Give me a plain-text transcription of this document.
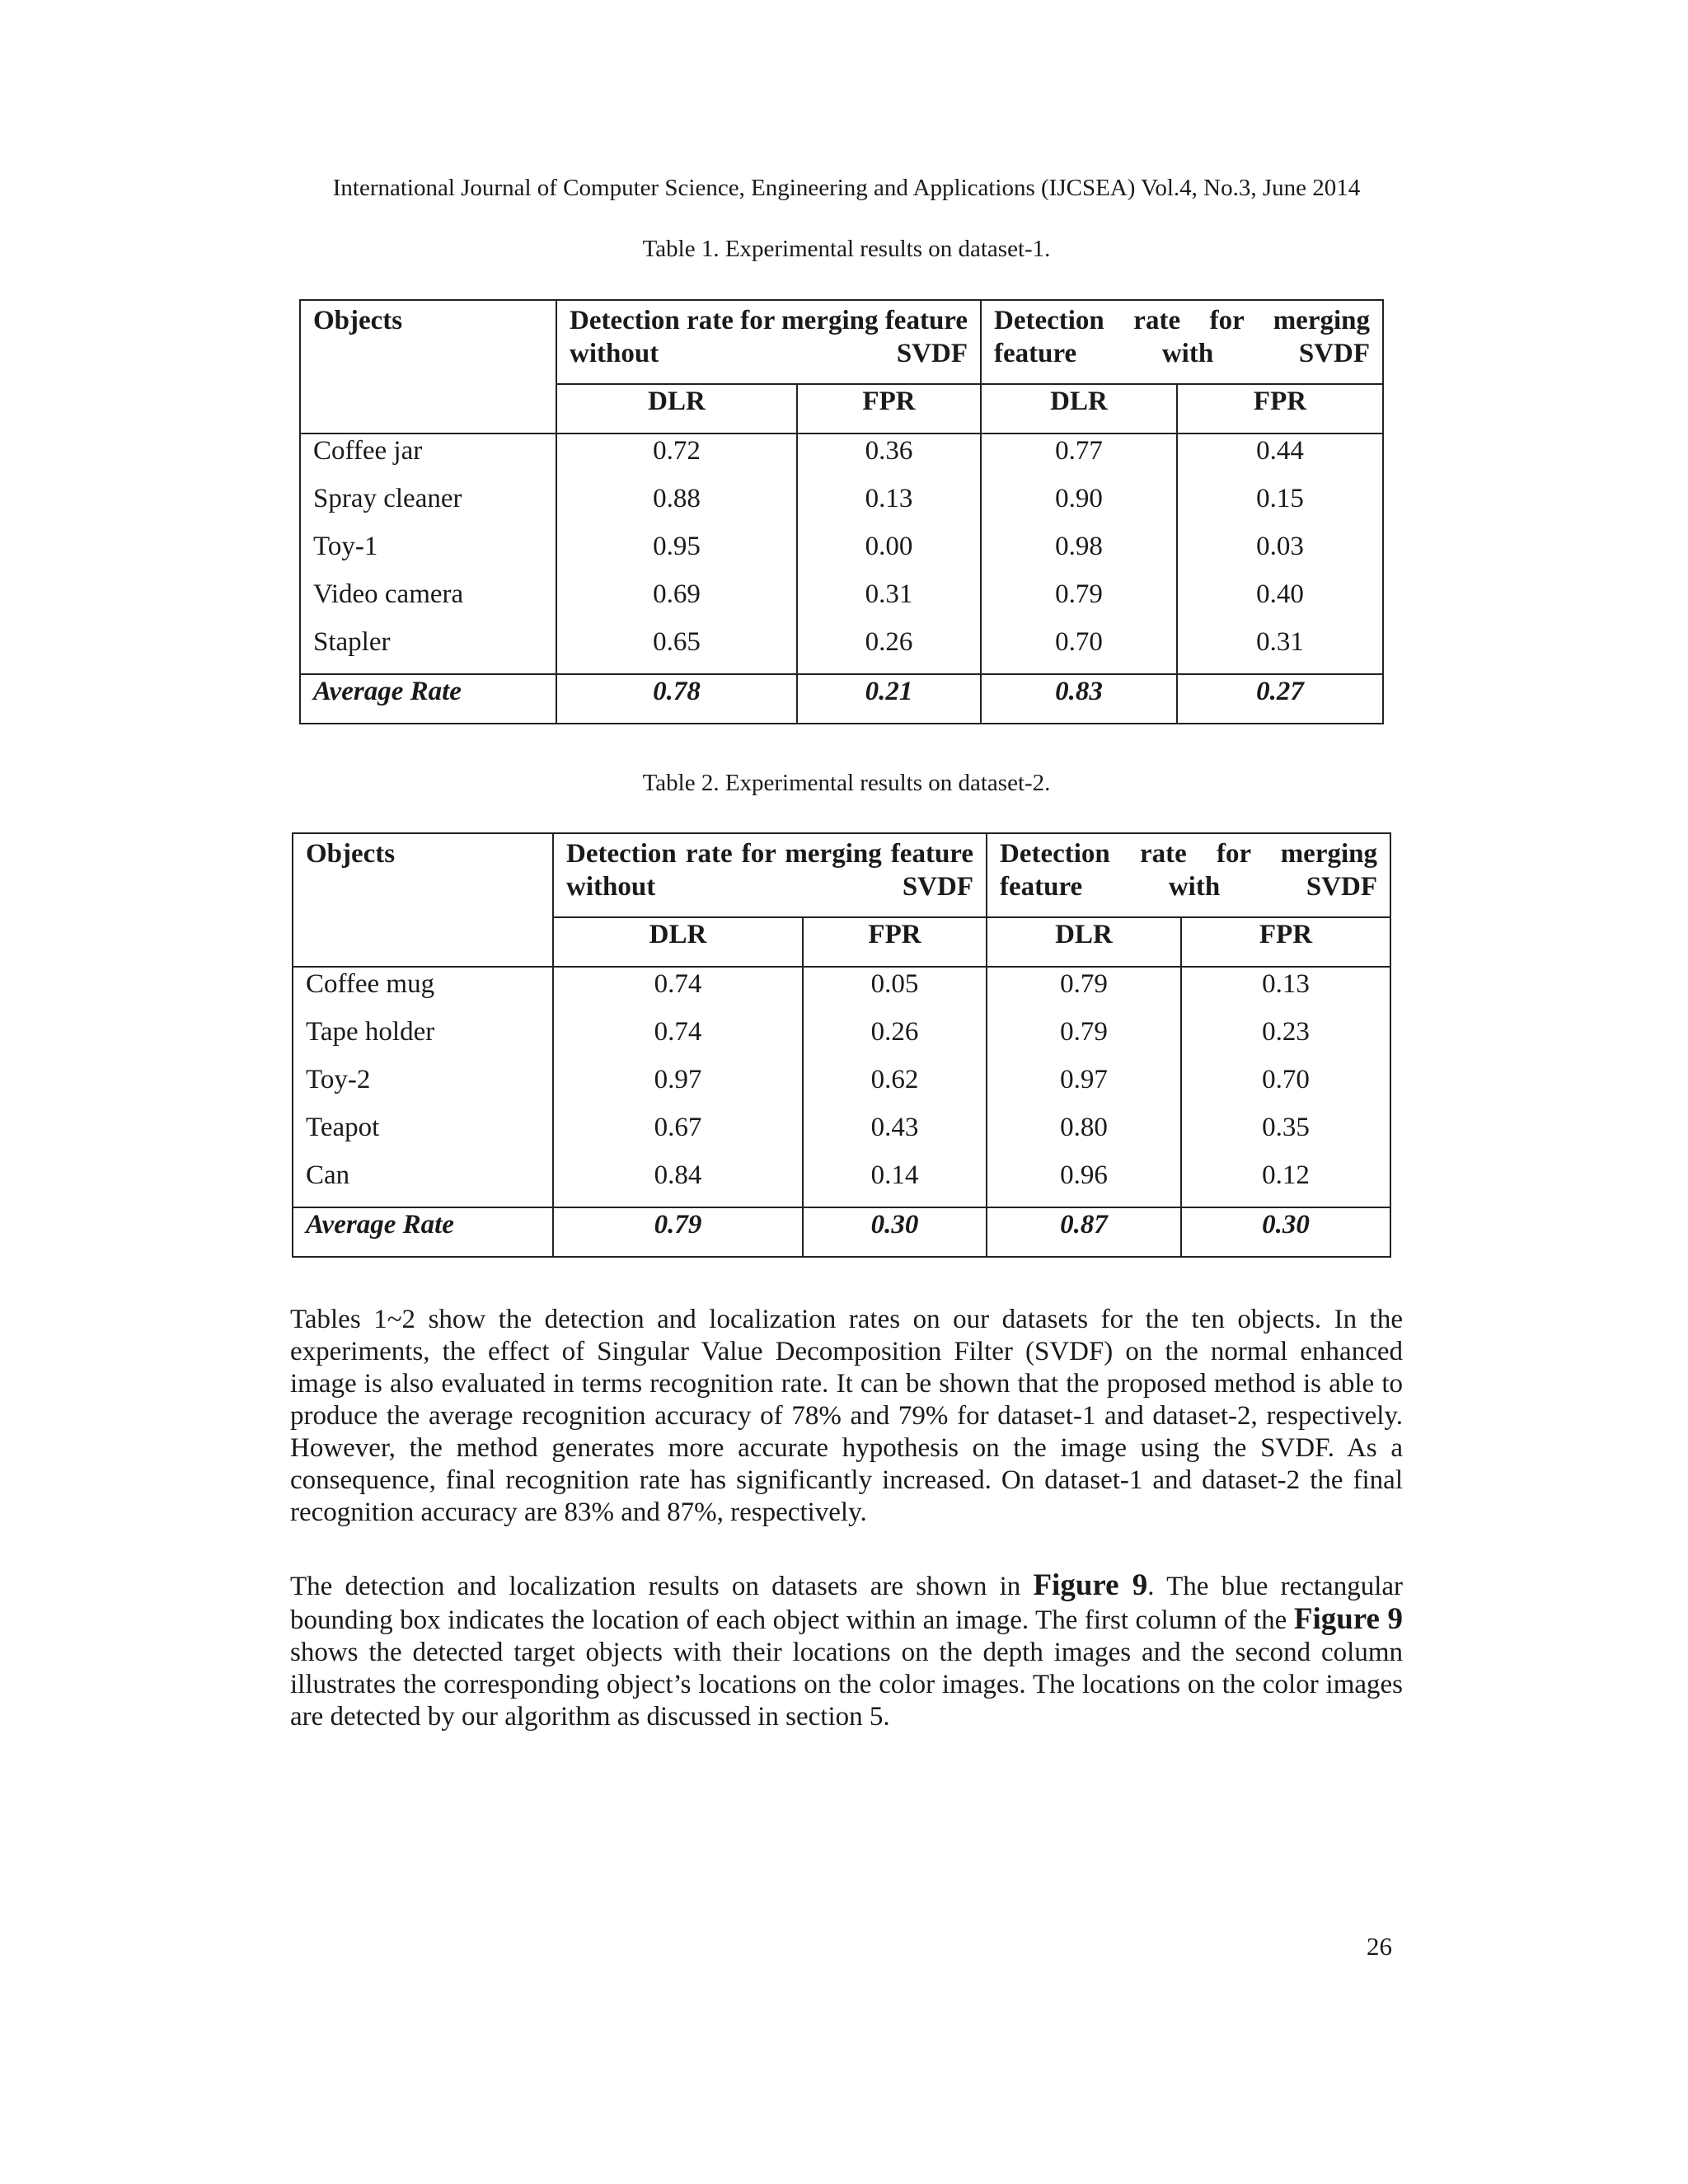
International Journal of Computer Science, Engineering and Applications (IJCSEA) Vol.4, No.3, June 2014
Table 1. Experimental results on dataset-1.
Objects	Detection rate for merging feature without SVDF		Detection rate for merging feature with SVDF	

	DLR	FPR	DLR	FPR
Coffee jar	0.72	0.36	0.77	0.44
Spray cleaner	0.88	0.13	0.90	0.15
Toy-1	0.95	0.00	0.98	0.03
Video camera	0.69	0.31	0.79	0.40
Stapler	0.65	0.26	0.70	0.31
Average Rate	0.78	0.21	0.83	0.27
Table 2. Experimental results on dataset-2.
Objects	Detection rate for merging feature without SVDF		Detection rate for merging feature with SVDF	

	DLR	FPR	DLR	FPR
Coffee mug	0.74	0.05	0.79	0.13
Tape holder	0.74	0.26	0.79	0.23
Toy-2	0.97	0.62	0.97	0.70
Teapot	0.67	0.43	0.80	0.35
Can	0.84	0.14	0.96	0.12
Average Rate	0.79	0.30	0.87	0.30
Tables 1~2 show the detection and localization rates on our datasets for the ten objects. In the experiments, the effect of Singular Value Decomposition Filter (SVDF) on the normal enhanced image is also evaluated in terms recognition rate. It can be shown that the proposed method is able to produce the average recognition accuracy of 78% and 79% for dataset-1 and dataset-2, respectively. However, the method generates more accurate hypothesis on the image using the SVDF. As a consequence, final recognition rate has significantly increased. On dataset-1 and dataset-2 the final recognition accuracy are 83% and 87%, respectively.
The detection and localization results on datasets are shown in Figure 9. The blue rectangular bounding box indicates the location of each object within an image. The first column of the Figure 9 shows the detected target objects with their locations on the depth images and the second column illustrates the corresponding object’s locations on the color images. The locations on the color images are detected by our algorithm as discussed in section 5.
26
